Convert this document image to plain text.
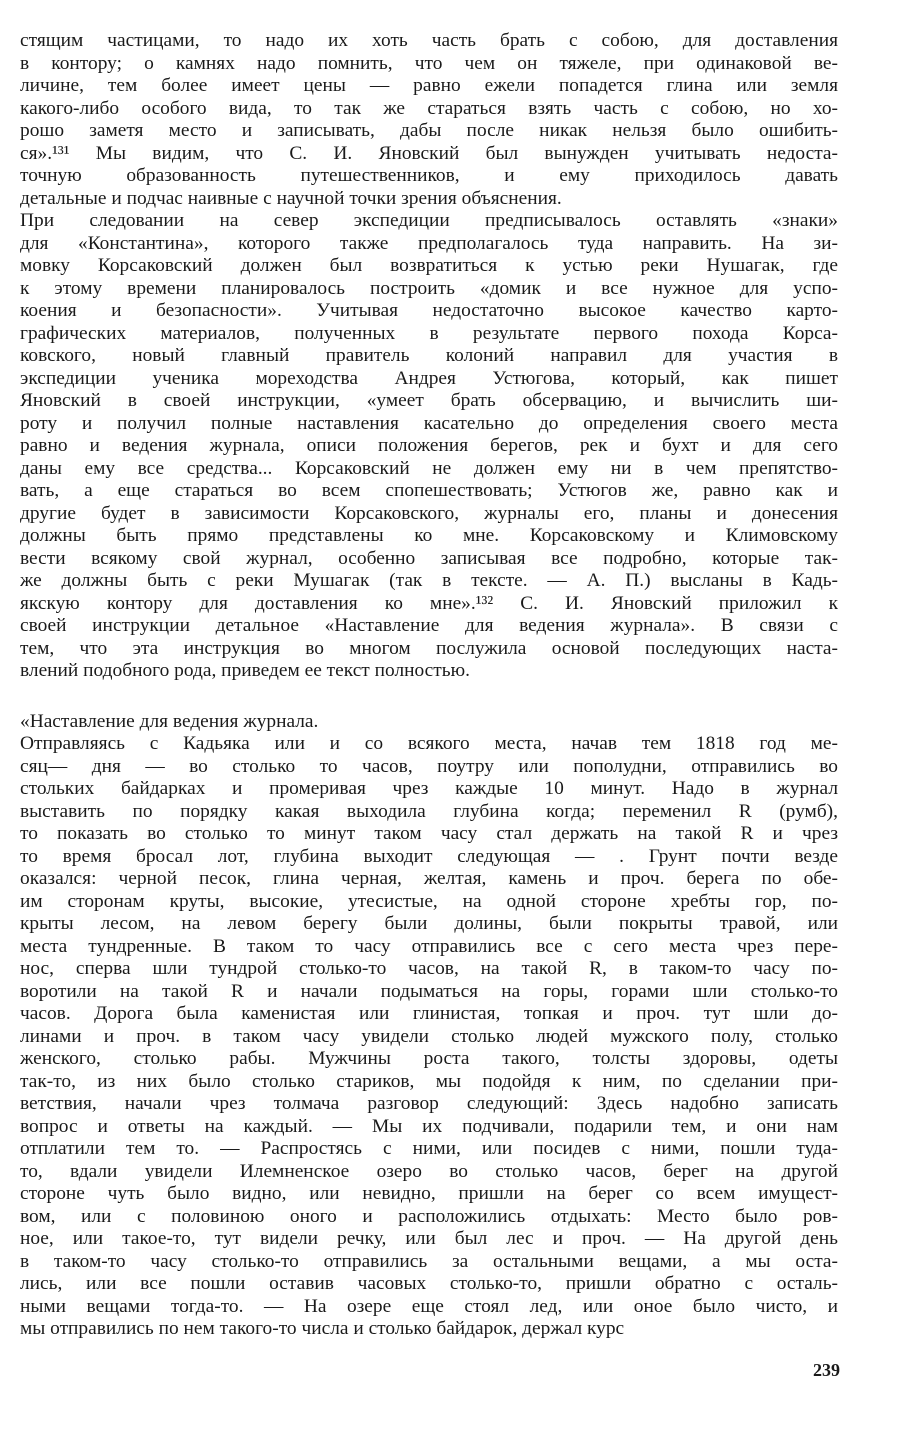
стящим частицами, то надо их хоть часть брать с собою, для доставления
в контору; о камнях надо помнить, что чем он тяжеле, при одинаковой ве-
личине, тем более имеет цены — равно ежели попадется глина или земля
какого-либо особого вида, то так же стараться взять часть с собою, но хо-
рошо заметя место и записывать, дабы после никак нельзя было ошибить-
ся».¹³¹ Мы видим, что С. И. Яновский был вынужден учитывать недоста-
точную образованность путешественников, и ему приходилось давать
детальные и подчас наивные с научной точки зрения объяснения.
При следовании на север экспедиции предписывалось оставлять «знаки»
для «Константина», которого также предполагалось туда направить. На зи-
мовку Корсаковский должен был возвратиться к устью реки Нушагак, где
к этому времени планировалось построить «домик и все нужное для успо-
коения и безопасности». Учитывая недостаточно высокое качество карто-
графических материалов, полученных в результате первого похода Корса-
ковского, новый главный правитель колоний направил для участия в
экспедиции ученика мореходства Андрея Устюгова, который, как пишет
Яновский в своей инструкции, «умеет брать обсервацию, и вычислить ши-
роту и получил полные наставления касательно до определения своего места
равно и ведения журнала, описи положения берегов, рек и бухт и для сего
даны ему все средства... Корсаковский не должен ему ни в чем препятство-
вать, а еще стараться во всем спопешествовать; Устюгов же, равно как и
другие будет в зависимости Корсаковского, журналы его, планы и донесения
должны быть прямо представлены ко мне. Корсаковскому и Климовскому
вести всякому свой журнал, особенно записывая все подробно, которые так-
же должны быть с реки Мушагак (так в тексте. — А. П.) высланы в Кадь-
якскую контору для доставления ко мне».¹³² С. И. Яновский приложил к
своей инструкции детальное «Наставление для ведения журнала». В связи с
тем, что эта инструкция во многом послужила основой последующих наста-
влений подобного рода, приведем ее текст полностью.
«Наставление для ведения журнала.
Отправляясь с Кадьяка или и со всякого места, начав тем 1818 год ме-
сяц— дня — во столько то часов, поутру или пополудни, отправились во
стольких байдарках и промеривая чрез каждые 10 минут. Надо в журнал
выставить по порядку какая выходила глубина когда; переменил R (румб),
то показать во столько то минут таком часу стал держать на такой R и чрез
то время бросал лот, глубина выходит следующая — . Грунт почти везде
оказался: черной песок, глина черная, желтая, камень и проч. берега по обе-
им сторонам круты, высокие, утесистые, на одной стороне хребты гор, по-
крыты лесом, на левом берегу были долины, были покрыты травой, или
места тундренные. В таком то часу отправились все с сего места чрез пере-
нос, сперва шли тундрой столько-то часов, на такой R, в таком-то часу по-
воротили на такой R и начали подыматься на горы, горами шли столько-то
часов. Дорога была каменистая или глинистая, топкая и проч. тут шли до-
линами и проч. в таком часу увидели столько людей мужского полу, столько
женского, столько рабы. Мужчины роста такого, толсты здоровы, одеты
так-то, из них было столько стариков, мы подойдя к ним, по сделании при-
ветствия, начали чрез толмача разговор следующий: Здесь надобно записать
вопрос и ответы на каждый. — Мы их подчивали, подарили тем, и они нам
отплатили тем то. — Распростясь с ними, или посидев с ними, пошли туда-
то, вдали увидели Илемненское озеро во столько часов, берег на другой
стороне чуть было видно, или невидно, пришли на берег со всем имущест-
вом, или с половиною оного и расположились отдыхать: Место было ров-
ное, или такое-то, тут видели речку, или был лес и проч. — На другой день
в таком-то часу столько-то отправились за остальными вещами, а мы оста-
лись, или все пошли оставив часовых столько-то, пришли обратно с осталь-
ными вещами тогда-то. — На озере еще стоял лед, или оное было чисто, и
мы отправились по нем такого-то числа и столько байдарок, держал курс
239
